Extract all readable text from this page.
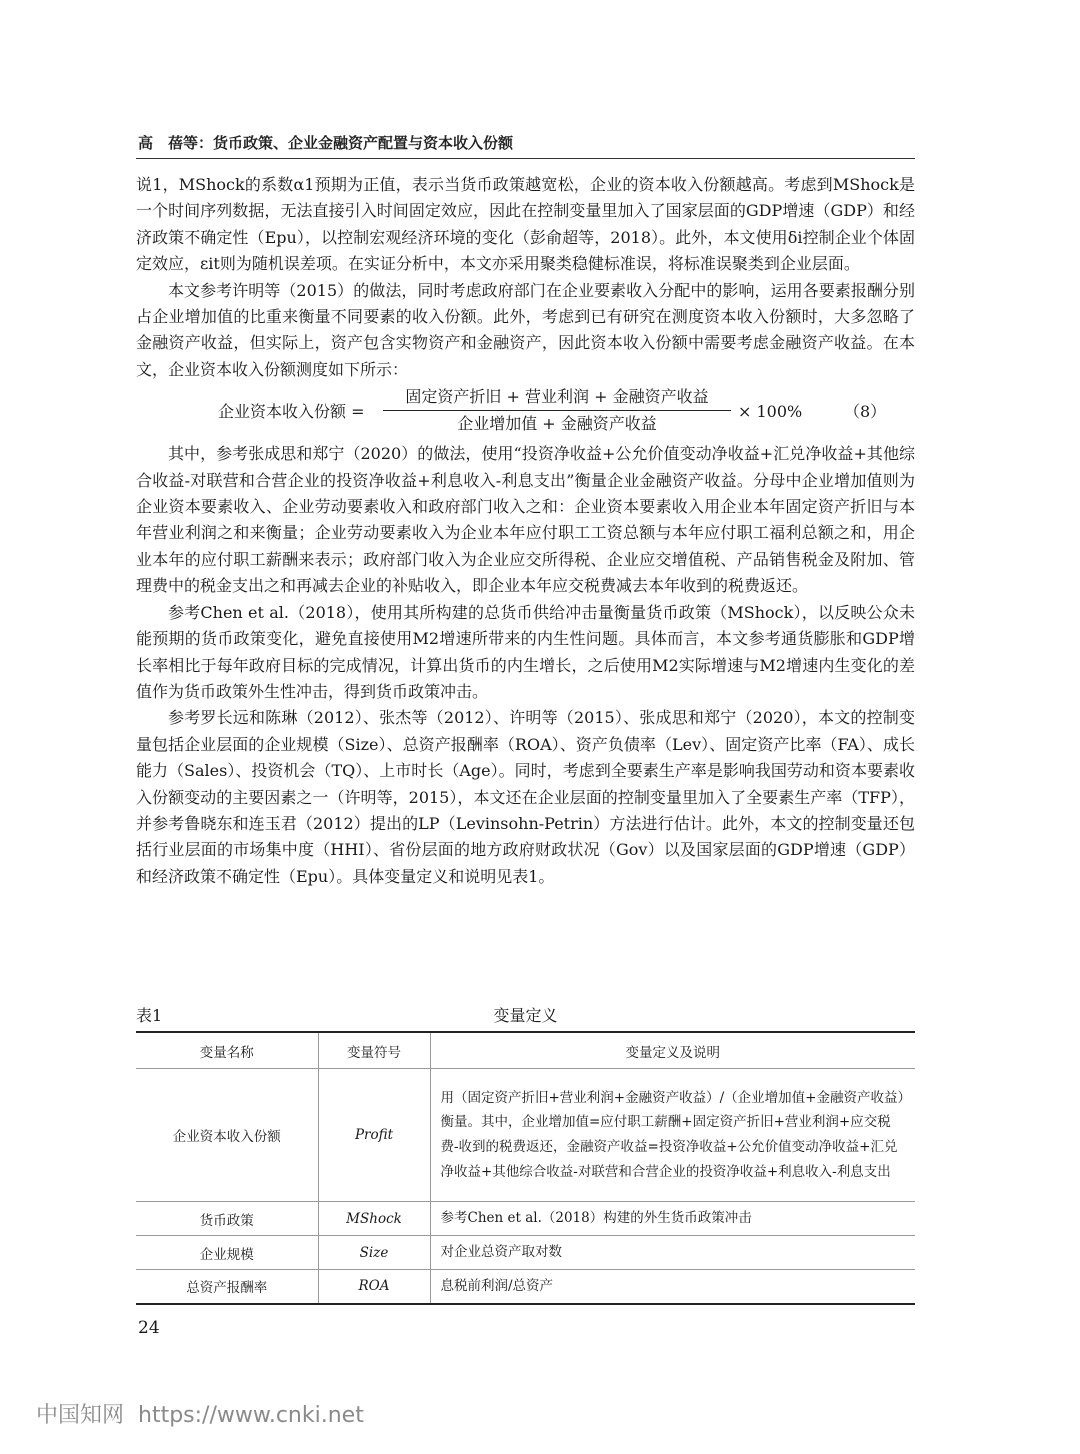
高　蓓等：货币政策、企业金融资产配置与资本收入份额

说1，MShock的系数α1预期为正值，表示当货币政策越宽松，企业的资本收入份额越高。考虑到MShock是一个时间序列数据，无法直接引入时间固定效应，因此在控制变量里加入了国家层面的GDP增速（GDP）和经济政策不确定性（Epu），以控制宏观经济环境的变化（彭俞超等，2018）。此外，本文使用δi控制企业个体固定效应，εit则为随机误差项。在实证分析中，本文亦采用聚类稳健标准误，将标准误聚类到企业层面。

本文参考许明等（2015）的做法，同时考虑政府部门在企业要素收入分配中的影响，运用各要素报酬分别占企业增加值的比重来衡量不同要素的收入份额。此外，考虑到已有研究在测度资本收入份额时，大多忽略了金融资产收益，但实际上，资产包含实物资产和金融资产，因此资本收入份额中需要考虑金融资产收益。在本文，企业资本收入份额测度如下所示：

企业资本收入份额 =
固定资产折旧 + 营业利润 + 金融资产收益
企业增加值 + 金融资产收益
× 100%	（8）

其中，参考张成思和郑宁（2020）的做法，使用“投资净收益+公允价值变动净收益+汇兑净收益+其他综合收益-对联营和合营企业的投资净收益+利息收入-利息支出”衡量企业金融资产收益。分母中企业增加值则为企业资本要素收入、企业劳动要素收入和政府部门收入之和：企业资本要素收入用企业本年固定资产折旧与本年营业利润之和来衡量；企业劳动要素收入为企业本年应付职工工资总额与本年应付职工福利总额之和，用企业本年的应付职工薪酬来表示；政府部门收入为企业应交所得税、企业应交增值税、产品销售税金及附加、管理费中的税金支出之和再减去企业的补贴收入，即企业本年应交税费减去本年收到的税费返还。

参考Chen et al.（2018），使用其所构建的总货币供给冲击量衡量货币政策（MShock），以反映公众未能预期的货币政策变化，避免直接使用M2增速所带来的内生性问题。具体而言，本文参考通货膨胀和GDP增长率相比于每年政府目标的完成情况，计算出货币的内生增长，之后使用M2实际增速与M2增速内生变化的差值作为货币政策外生性冲击，得到货币政策冲击。

参考罗长远和陈琳（2012）、张杰等（2012）、许明等（2015）、张成思和郑宁（2020），本文的控制变量包括企业层面的企业规模（Size）、总资产报酬率（ROA）、资产负债率（Lev）、固定资产比率（FA）、成长能力（Sales）、投资机会（TQ）、上市时长（Age）。同时，考虑到全要素生产率是影响我国劳动和资本要素收入份额变动的主要因素之一（许明等，2015），本文还在企业层面的控制变量里加入了全要素生产率（TFP），并参考鲁晓东和连玉君（2012）提出的LP（Levinsohn-Petrin）方法进行估计。此外，本文的控制变量还包括行业层面的市场集中度（HHI）、省份层面的地方政府财政状况（Gov）以及国家层面的GDP增速（GDP）和经济政策不确定性（Epu）。具体变量定义和说明见表1。

表1	变量定义
变量名称	变量符号	变量定义及说明
企业资本收入份额	Profit	用（固定资产折旧+营业利润+金融资产收益）/（企业增加值+金融资产收益）衡量。其中，企业增加值=应付职工薪酬+固定资产折旧+营业利润+应交税费-收到的税费返还，金融资产收益=投资净收益+公允价值变动净收益+汇兑净收益+其他综合收益-对联营和合营企业的投资净收益+利息收入-利息支出
货币政策	MShock	参考Chen et al.（2018）构建的外生货币政策冲击
企业规模	Size	对企业总资产取对数
总资产报酬率	ROA	息税前利润/总资产
24
中国知网 https://www.cnki.net
